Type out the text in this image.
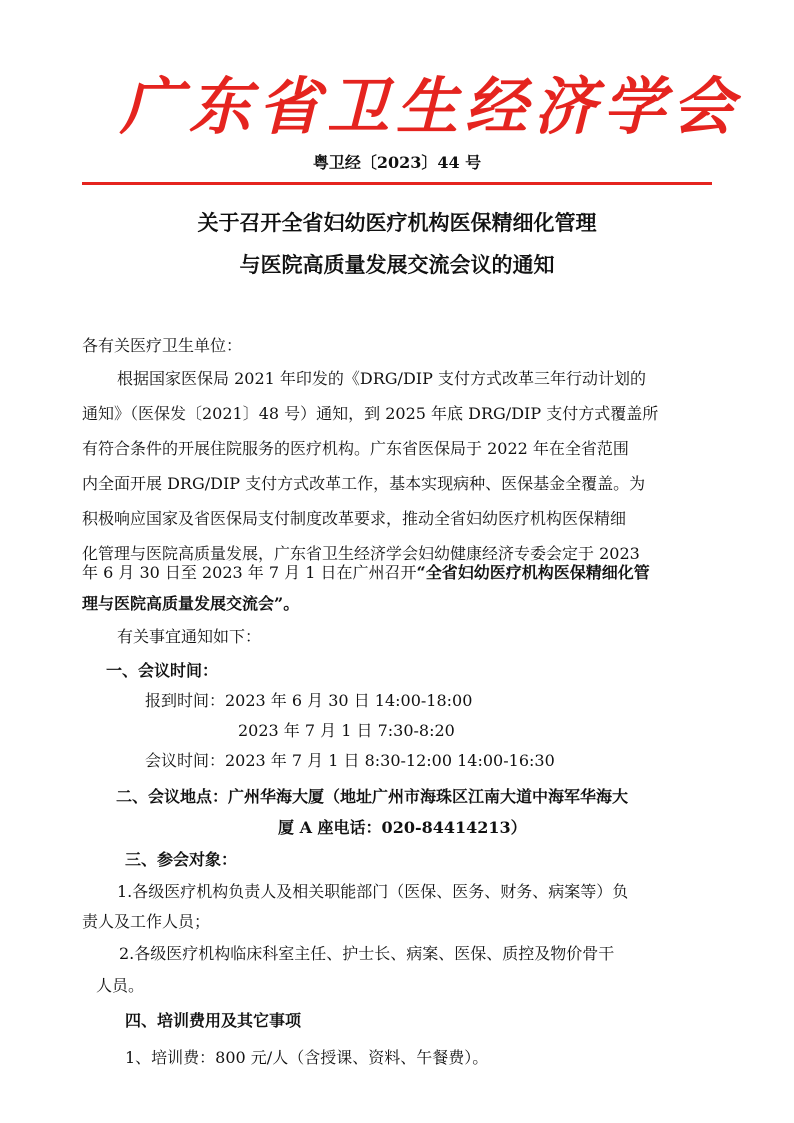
广东省卫生经济学会
粤卫经〔2023〕44 号
关于召开全省妇幼医疗机构医保精细化管理
与医院高质量发展交流会议的通知
各有关医疗卫生单位：
根据国家医保局 2021 年印发的《DRG/DIP 支付方式改革三年行动计划的
通知》（医保发〔2021〕48 号）通知，到 2025 年底 DRG/DIP 支付方式覆盖所
有符合条件的开展住院服务的医疗机构。广东省医保局于 2022 年在全省范围
内全面开展 DRG/DIP 支付方式改革工作，基本实现病种、医保基金全覆盖。为
积极响应国家及省医保局支付制度改革要求，推动全省妇幼医疗机构医保精细
化管理与医院高质量发展，广东省卫生经济学会妇幼健康经济专委会定于 2023
年 6 月 30 日至 2023 年 7 月 1 日在广州召开“全省妇幼医疗机构医保精细化管
理与医院高质量发展交流会”。
有关事宜通知如下：
一、会议时间：
报到时间：2023 年 6 月 30 日 14:00-18:00
2023 年 7 月 1 日 7:30-8:20
会议时间：2023 年 7 月 1 日 8:30-12:00 14:00-16:30
二、会议地点：广州华海大厦（地址广州市海珠区江南大道中海军华海大
厦 A 座电话：020-84414213）
三、参会对象：
1.各级医疗机构负责人及相关职能部门（医保、医务、财务、病案等）负
责人及工作人员；
2.各级医疗机构临床科室主任、护士长、病案、医保、质控及物价骨干
人员。
四、培训费用及其它事项
1、培训费：800 元/人（含授课、资料、午餐费）。
